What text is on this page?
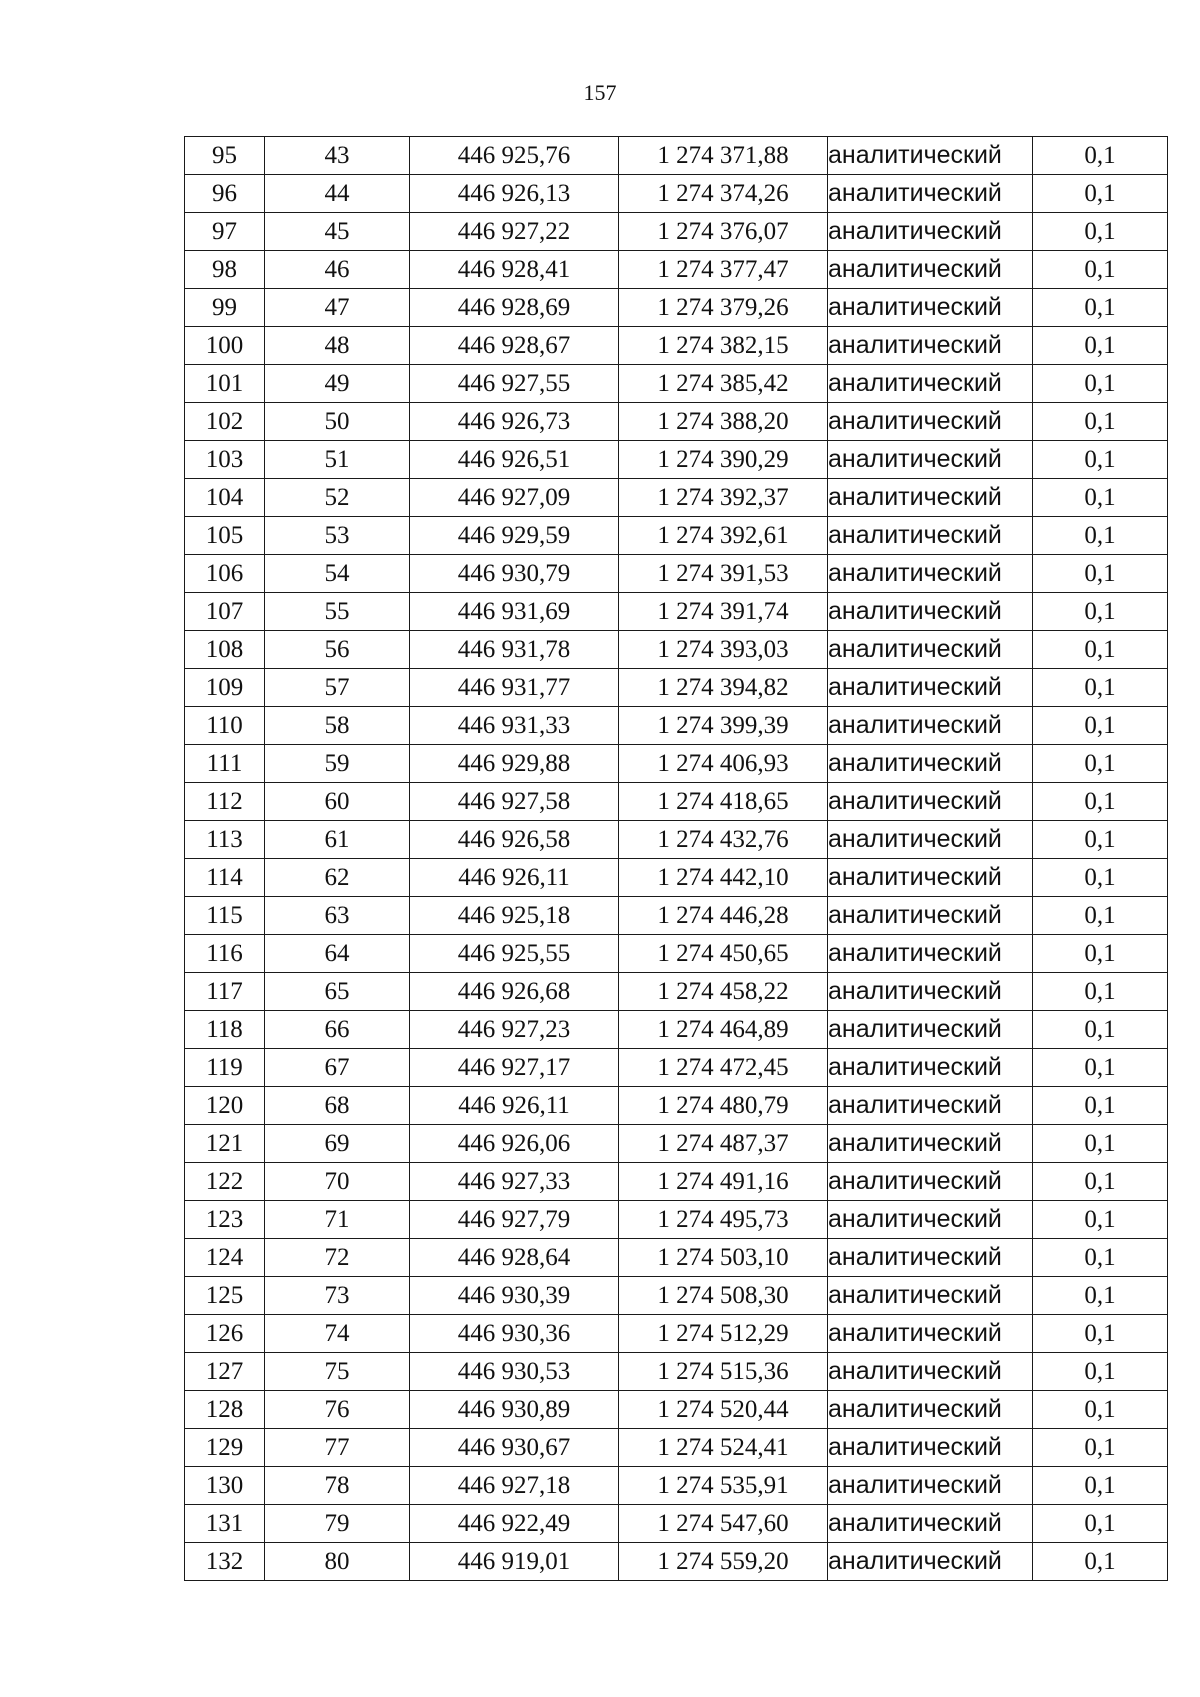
157
95	43	446 925,76	1 274 371,88	аналитический	0,1
96	44	446 926,13	1 274 374,26	аналитический	0,1
97	45	446 927,22	1 274 376,07	аналитический	0,1
98	46	446 928,41	1 274 377,47	аналитический	0,1
99	47	446 928,69	1 274 379,26	аналитический	0,1
100	48	446 928,67	1 274 382,15	аналитический	0,1
101	49	446 927,55	1 274 385,42	аналитический	0,1
102	50	446 926,73	1 274 388,20	аналитический	0,1
103	51	446 926,51	1 274 390,29	аналитический	0,1
104	52	446 927,09	1 274 392,37	аналитический	0,1
105	53	446 929,59	1 274 392,61	аналитический	0,1
106	54	446 930,79	1 274 391,53	аналитический	0,1
107	55	446 931,69	1 274 391,74	аналитический	0,1
108	56	446 931,78	1 274 393,03	аналитический	0,1
109	57	446 931,77	1 274 394,82	аналитический	0,1
110	58	446 931,33	1 274 399,39	аналитический	0,1
111	59	446 929,88	1 274 406,93	аналитический	0,1
112	60	446 927,58	1 274 418,65	аналитический	0,1
113	61	446 926,58	1 274 432,76	аналитический	0,1
114	62	446 926,11	1 274 442,10	аналитический	0,1
115	63	446 925,18	1 274 446,28	аналитический	0,1
116	64	446 925,55	1 274 450,65	аналитический	0,1
117	65	446 926,68	1 274 458,22	аналитический	0,1
118	66	446 927,23	1 274 464,89	аналитический	0,1
119	67	446 927,17	1 274 472,45	аналитический	0,1
120	68	446 926,11	1 274 480,79	аналитический	0,1
121	69	446 926,06	1 274 487,37	аналитический	0,1
122	70	446 927,33	1 274 491,16	аналитический	0,1
123	71	446 927,79	1 274 495,73	аналитический	0,1
124	72	446 928,64	1 274 503,10	аналитический	0,1
125	73	446 930,39	1 274 508,30	аналитический	0,1
126	74	446 930,36	1 274 512,29	аналитический	0,1
127	75	446 930,53	1 274 515,36	аналитический	0,1
128	76	446 930,89	1 274 520,44	аналитический	0,1
129	77	446 930,67	1 274 524,41	аналитический	0,1
130	78	446 927,18	1 274 535,91	аналитический	0,1
131	79	446 922,49	1 274 547,60	аналитический	0,1
132	80	446 919,01	1 274 559,20	аналитический	0,1
